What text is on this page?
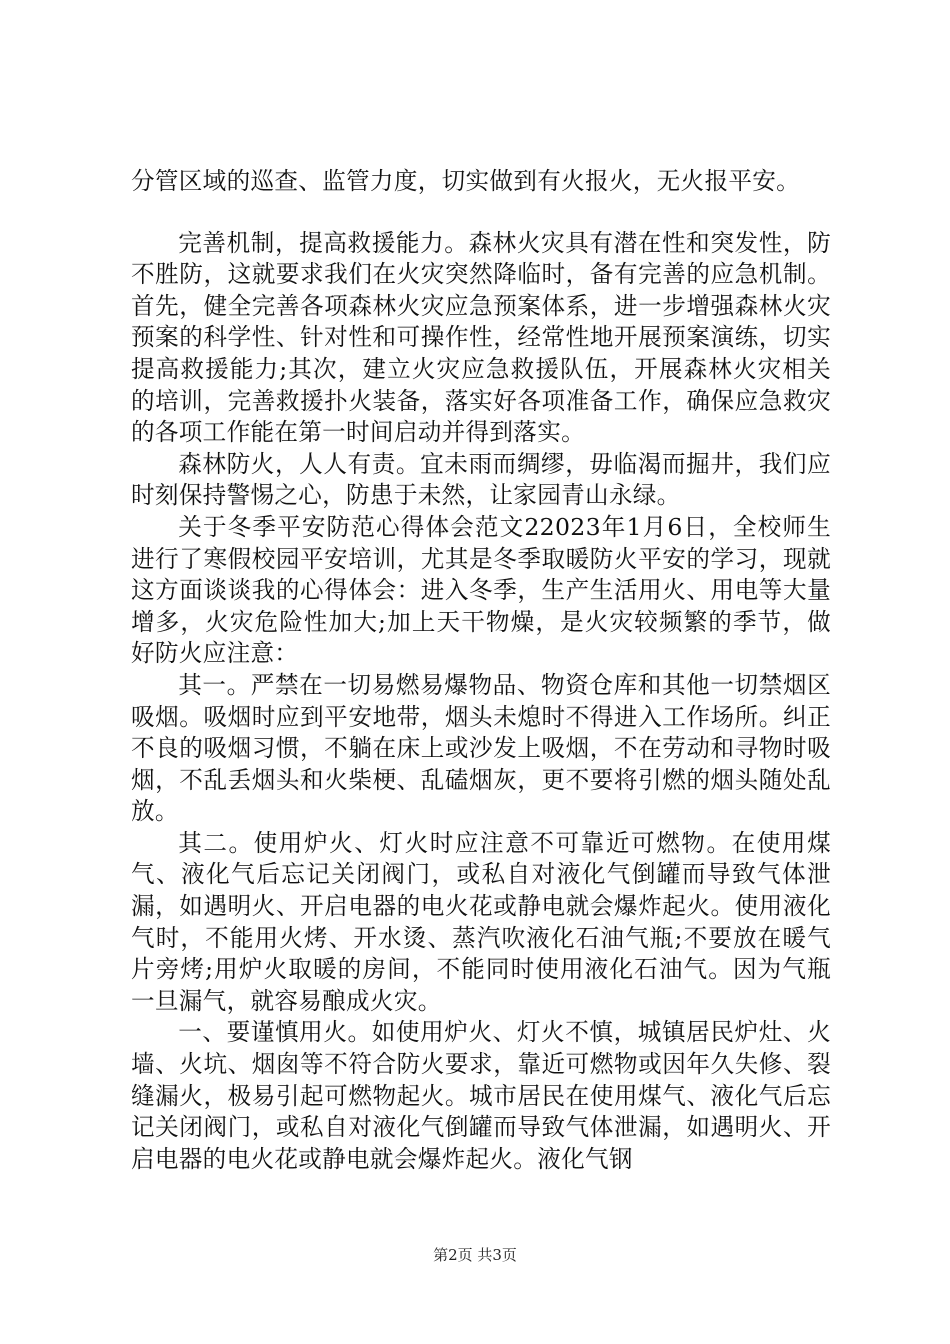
分管区域的巡查、监管力度，切实做到有火报火，无火报平安。

完善机制，提高救援能力。森林火灾具有潜在性和突发性，防不胜防，这就要求我们在火灾突然降临时，备有完善的应急机制。首先，健全完善各项森林火灾应急预案体系，进一步增强森林火灾预案的科学性、针对性和可操作性，经常性地开展预案演练，切实提高救援能力;其次，建立火灾应急救援队伍，开展森林火灾相关的培训，完善救援扑火装备，落实好各项准备工作，确保应急救灾的各项工作能在第一时间启动并得到落实。

森林防火，人人有责。宜未雨而绸缪，毋临渴而掘井，我们应时刻保持警惕之心，防患于未然，让家园青山永绿。

关于冬季平安防范心得体会范文22023年1月6日，全校师生进行了寒假校园平安培训，尤其是冬季取暖防火平安的学习，现就这方面谈谈我的心得体会：进入冬季，生产生活用火、用电等大量增多，火灾危险性加大;加上天干物燥，是火灾较频繁的季节，做好防火应注意：

其一。严禁在一切易燃易爆物品、物资仓库和其他一切禁烟区吸烟。吸烟时应到平安地带，烟头未熄时不得进入工作场所。纠正不良的吸烟习惯，不躺在床上或沙发上吸烟，不在劳动和寻物时吸烟，不乱丢烟头和火柴梗、乱磕烟灰，更不要将引燃的烟头随处乱放。

其二。使用炉火、灯火时应注意不可靠近可燃物。在使用煤气、液化气后忘记关闭阀门，或私自对液化气倒罐而导致气体泄漏，如遇明火、开启电器的电火花或静电就会爆炸起火。使用液化气时，不能用火烤、开水烫、蒸汽吹液化石油气瓶;不要放在暖气片旁烤;用炉火取暖的房间，不能同时使用液化石油气。因为气瓶一旦漏气，就容易酿成火灾。

一、要谨慎用火。如使用炉火、灯火不慎，城镇居民炉灶、火墙、火坑、烟囱等不符合防火要求，靠近可燃物或因年久失修、裂缝漏火，极易引起可燃物起火。城市居民在使用煤气、液化气后忘记关闭阀门，或私自对液化气倒罐而导致气体泄漏，如遇明火、开启电器的电火花或静电就会爆炸起火。液化气钢

第2页 共3页
